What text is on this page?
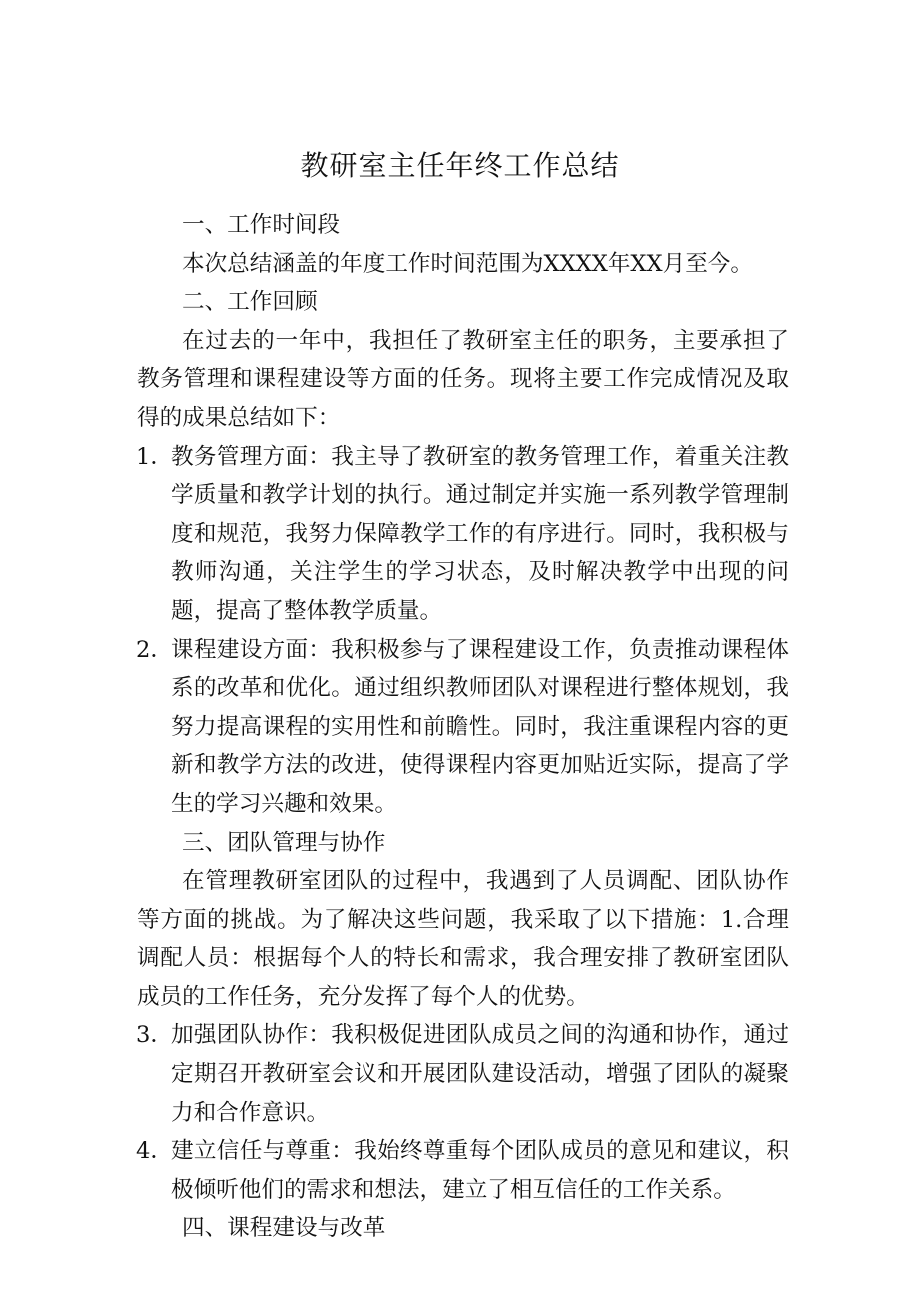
教研室主任年终工作总结

一、工作时间段

本次总结涵盖的年度工作时间范围为XXXX年XX月至今。

二、工作回顾

在过去的一年中，我担任了教研室主任的职务，主要承担了教务管理和课程建设等方面的任务。现将主要工作完成情况及取得的成果总结如下：

1．
教务管理方面：我主导了教研室的教务管理工作，着重关注教学质量和教学计划的执行。通过制定并实施一系列教学管理制度和规范，我努力保障教学工作的有序进行。同时，我积极与教师沟通，关注学生的学习状态，及时解决教学中出现的问题，提高了整体教学质量。
2．
课程建设方面：我积极参与了课程建设工作，负责推动课程体系的改革和优化。通过组织教师团队对课程进行整体规划，我努力提高课程的实用性和前瞻性。同时，我注重课程内容的更新和教学方法的改进，使得课程内容更加贴近实际，提高了学生的学习兴趣和效果。

三、团队管理与协作

在管理教研室团队的过程中，我遇到了人员调配、团队协作等方面的挑战。为了解决这些问题，我采取了以下措施：1.合理调配人员：根据每个人的特长和需求，我合理安排了教研室团队成员的工作任务，充分发挥了每个人的优势。

3．
加强团队协作：我积极促进团队成员之间的沟通和协作，通过定期召开教研室会议和开展团队建设活动，增强了团队的凝聚力和合作意识。
4．
建立信任与尊重：我始终尊重每个团队成员的意见和建议，积极倾听他们的需求和想法，建立了相互信任的工作关系。

四、课程建设与改革
